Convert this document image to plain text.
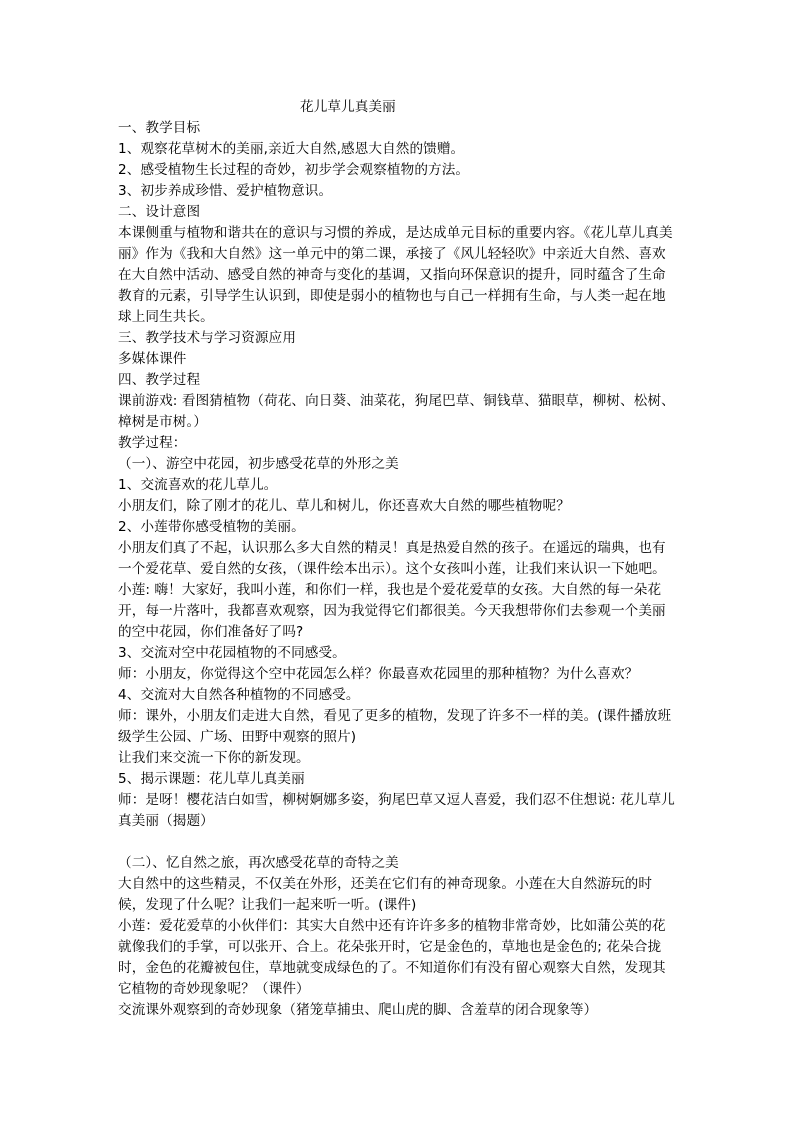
花儿草儿真美丽

一、教学目标

1、观察花草树木的美丽,亲近大自然,感恩大自然的馈赠。

2、感受植物生长过程的奇妙，初步学会观察植物的方法。

3、初步养成珍惜、爱护植物意识。

二、设计意图

本课侧重与植物和谐共在的意识与习惯的养成，是达成单元目标的重要内容。《花儿草儿真美丽》作为《我和大自然》这一单元中的第二课，承接了《风儿轻轻吹》中亲近大自然、喜欢在大自然中活动、感受自然的神奇与变化的基调，又指向环保意识的提升，同时蕴含了生命教育的元素，引导学生认识到，即使是弱小的植物也与自己一样拥有生命，与人类一起在地球上同生共长。

三、教学技术与学习资源应用

多媒体课件

四、教学过程

课前游戏: 看图猜植物（荷花、向日葵、油菜花，狗尾巴草、铜钱草、猫眼草，柳树、松树、樟树是市树。）

教学过程：

（一）、游空中花园，初步感受花草的外形之美

1、交流喜欢的花儿草儿。

小朋友们，除了刚才的花儿、草儿和树儿，你还喜欢大自然的哪些植物呢？

2、小莲带你感受植物的美丽。

小朋友们真了不起，认识那么多大自然的精灵！真是热爱自然的孩子。在遥远的瑞典，也有一个爱花草、爱自然的女孩，（课件绘本出示）。这个女孩叫小莲，让我们来认识一下她吧。

小莲: 嗨！大家好，我叫小莲，和你们一样，我也是个爱花爱草的女孩。大自然的每一朵花开，每一片落叶，我都喜欢观察，因为我觉得它们都很美。今天我想带你们去参观一个美丽的空中花园，你们准备好了吗?

3、交流对空中花园植物的不同感受。

师：小朋友，你觉得这个空中花园怎么样？你最喜欢花园里的那种植物？为什么喜欢？

4、交流对大自然各种植物的不同感受。

师：课外，小朋友们走进大自然，看见了更多的植物，发现了许多不一样的美。(课件播放班级学生公园、广场、田野中观察的照片)

让我们来交流一下你的新发现。

5、揭示课题：花儿草儿真美丽

师：是呀！樱花洁白如雪，柳树婀娜多姿，狗尾巴草又逗人喜爱，我们忍不住想说: 花儿草儿真美丽（揭题）

（二）、忆自然之旅，再次感受花草的奇特之美

大自然中的这些精灵，不仅美在外形，还美在它们有的神奇现象。小莲在大自然游玩的时候，发现了什么呢？让我们一起来听一听。(课件)

小莲：爱花爱草的小伙伴们：其实大自然中还有许许多多的植物非常奇妙，比如蒲公英的花就像我们的手掌，可以张开、合上。花朵张开时，它是金色的，草地也是金色的; 花朵合拢时，金色的花瓣被包住，草地就变成绿色的了。不知道你们有没有留心观察大自然，发现其它植物的奇妙现象呢？（课件）

交流课外观察到的奇妙现象（猪笼草捕虫、爬山虎的脚、含羞草的闭合现象等）
